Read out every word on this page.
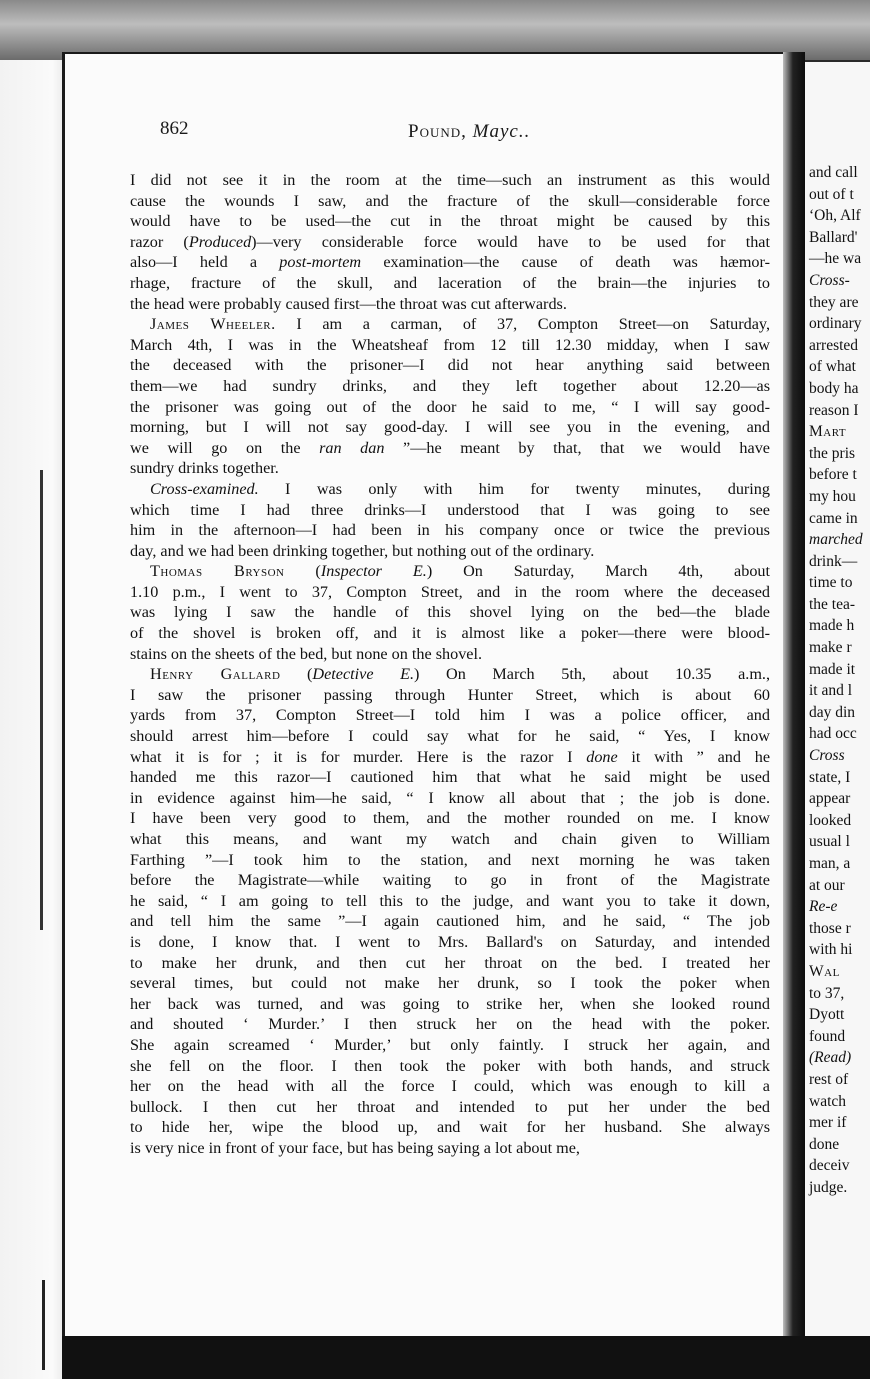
and call
out of t
‘Oh, Alf
Ballard'
—he wa
Cross-
they are
ordinary
arrested
of what
body ha
reason I
Mart
the pris
before t
my hou
came in
marched
drink—
time to
the tea-
made h
make r
made it
it and l
day din
had occ
Cross
state, I
appear
looked
usual l
man, a
at our
Re-e
those r
with hi
Wal
to 37,
Dyott
found
(Read)
rest of
watch
mer if
done
deceiv
judge.
862	Pound, Mayc..
I did not see it in the room at the time—such an instrument as this would
cause the wounds I saw, and the fracture of the skull—considerable force
would have to be used—the cut in the throat might be caused by this
razor (Produced)—very considerable force would have to be used for that
also—I held a post-mortem examination—the cause of death was hæmor-
rhage, fracture of the skull, and laceration of the brain—the injuries to
the head were probably caused first—the throat was cut afterwards.
James Wheeler. I am a carman, of 37, Compton Street—on Saturday,
March 4th, I was in the Wheatsheaf from 12 till 12.30 midday, when I saw
the deceased with the prisoner—I did not hear anything said between
them—we had sundry drinks, and they left together about 12.20—as
the prisoner was going out of the door he said to me, “ I will say good-
morning, but I will not say good-day. I will see you in the evening, and
we will go on the ran dan ”—he meant by that, that we would have
sundry drinks together.
Cross-examined. I was only with him for twenty minutes, during
which time I had three drinks—I understood that I was going to see
him in the afternoon—I had been in his company once or twice the previous
day, and we had been drinking together, but nothing out of the ordinary.
Thomas Bryson (Inspector E.) On Saturday, March 4th, about
1.10 p.m., I went to 37, Compton Street, and in the room where the deceased
was lying I saw the handle of this shovel lying on the bed—the blade
of the shovel is broken off, and it is almost like a poker—there were blood-
stains on the sheets of the bed, but none on the shovel.
Henry Gallard (Detective E.) On March 5th, about 10.35 a.m.,
I saw the prisoner passing through Hunter Street, which is about 60
yards from 37, Compton Street—I told him I was a police officer, and
should arrest him—before I could say what for he said, “ Yes, I know
what it is for ; it is for murder. Here is the razor I done it with ” and he
handed me this razor—I cautioned him that what he said might be used
in evidence against him—he said, “ I know all about that ; the job is done.
I have been very good to them, and the mother rounded on me. I know
what this means, and want my watch and chain given to William
Farthing ”—I took him to the station, and next morning he was taken
before the Magistrate—while waiting to go in front of the Magistrate
he said, “ I am going to tell this to the judge, and want you to take it down,
and tell him the same ”—I again cautioned him, and he said, “ The job
is done, I know that. I went to Mrs. Ballard's on Saturday, and intended
to make her drunk, and then cut her throat on the bed. I treated her
several times, but could not make her drunk, so I took the poker when
her back was turned, and was going to strike her, when she looked round
and shouted ‘ Murder.’ I then struck her on the head with the poker.
She again screamed ‘ Murder,’ but only faintly. I struck her again, and
she fell on the floor. I then took the poker with both hands, and struck
her on the head with all the force I could, which was enough to kill a
bullock. I then cut her throat and intended to put her under the bed
to hide her, wipe the blood up, and wait for her husband. She always
is very nice in front of your face, but has being saying a lot about me,
